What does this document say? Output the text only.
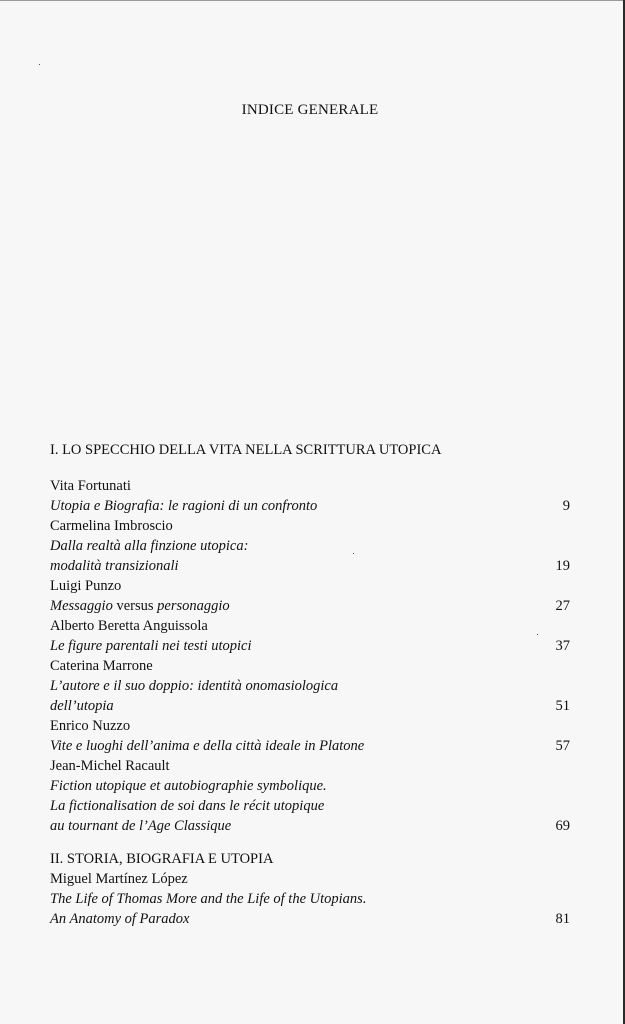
INDICE GENERALE
I. LO SPECCHIO DELLA VITA NELLA SCRITTURA UTOPICA
Vita Fortunati
Utopia e Biografia: le ragioni di un confronto	9
Carmelina Imbroscio
Dalla realtà alla finzione utopica:
modalità transizionali	19
Luigi Punzo
Messaggio versus personaggio	27
Alberto Beretta Anguissola
Le figure parentali nei testi utopici	37
Caterina Marrone
L’autore e il suo doppio: identità onomasiologica
dell’utopia	51
Enrico Nuzzo
Vite e luoghi dell’anima e della città ideale in Platone	57
Jean-Michel Racault
Fiction utopique et autobiographie symbolique.
La fictionalisation de soi dans le récit utopique
au tournant de l’Age Classique	69
II. STORIA, BIOGRAFIA E UTOPIA
Miguel Martínez López
The Life of Thomas More and the Life of the Utopians.
An Anatomy of Paradox	81
